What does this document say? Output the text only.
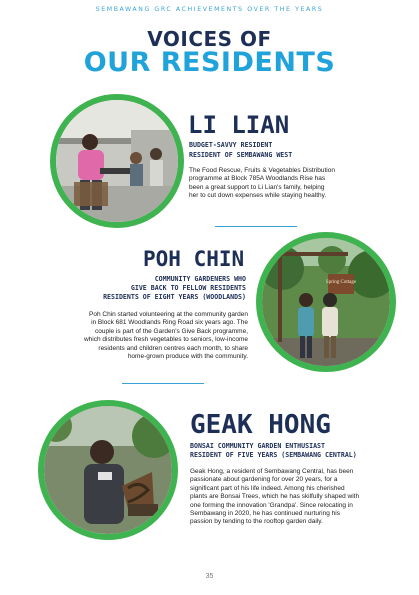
SEMBAWANG GRC ACHIEVEMENTS OVER THE YEARS
VOICES OF
OUR RESIDENTS
LI LIAN
BUDGET-SAVVY RESIDENT
RESIDENT OF SEMBAWANG WEST
The Food Rescue, Fruits & Vegetables Distribution
programme at Block 785A Woodlands Rise has
been a great support to Li Lian's family, helping
her to cut down expenses while staying healthy.
POH CHIN
COMMUNITY GARDENERS WHO
GIVE BACK TO FELLOW RESIDENTS
RESIDENTS OF EIGHT YEARS (WOODLANDS)
Poh Chin started volunteering at the community garden
in Block 681 Woodlands Ring Road six years ago. The
couple is part of the Garden's Give Back programme,
which distributes fresh vegetables to seniors, low-income
residents and children centres each month, to share
home-grown produce with the community.
Spring Cottage
GEAK HONG
BONSAI COMMUNITY GARDEN ENTHUSIAST
RESIDENT OF FIVE YEARS (SEMBAWANG CENTRAL)
Geak Hong, a resident of Sembawang Central, has been
passionate about gardening for over 20 years, for a
significant part of his life indeed. Among his cherished
plants are Bonsai Trees, which he has skilfully shaped with
one forming the innovation 'Grandpa'. Since relocating in
Sembawang in 2020, he has continued nurturing his
passion by tending to the rooftop garden daily.
35
